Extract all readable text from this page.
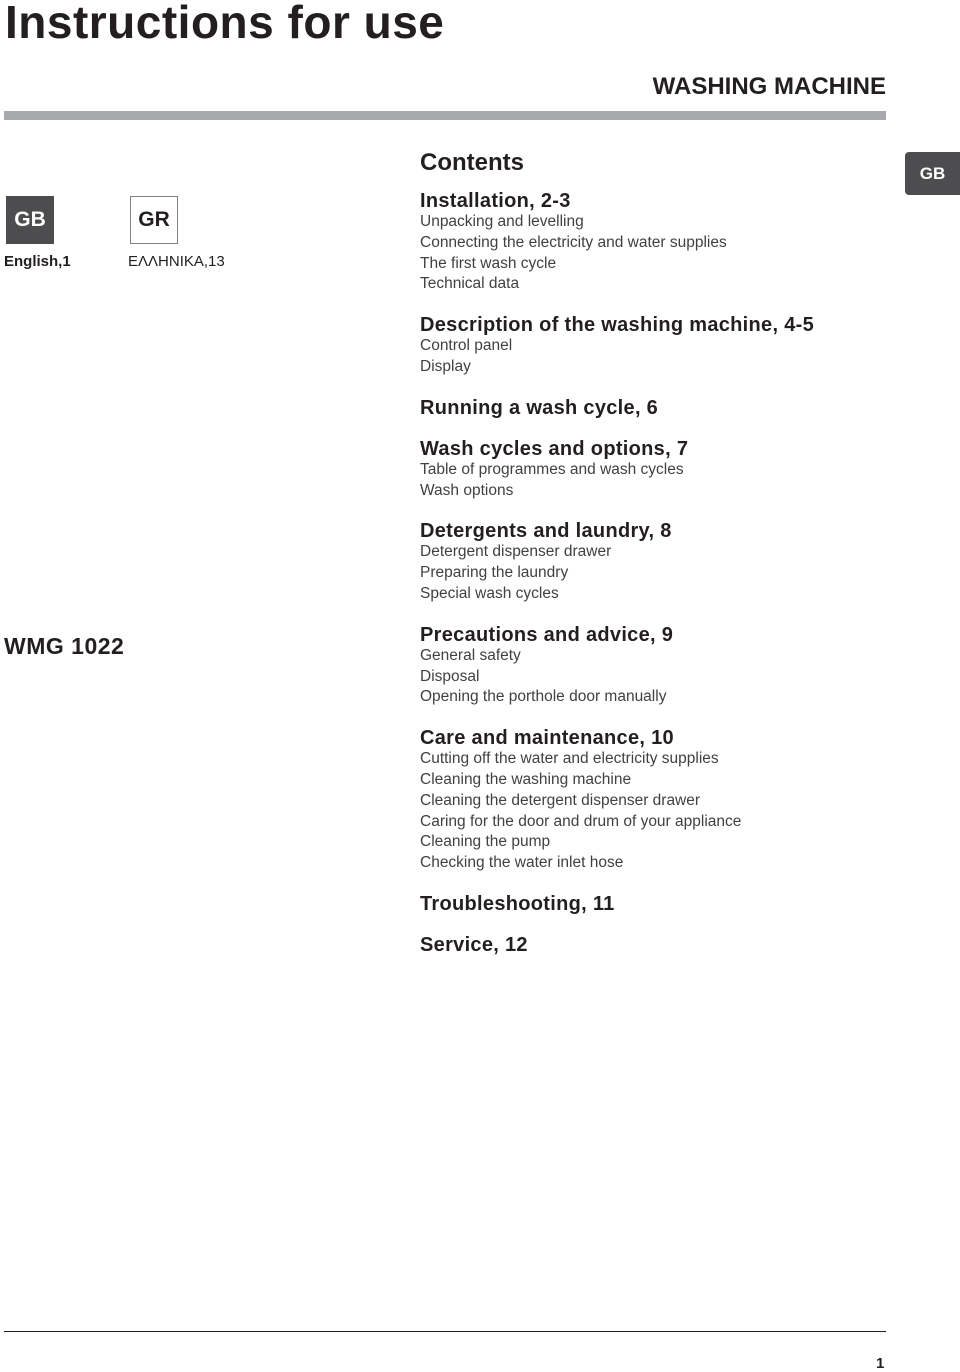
Instructions for use
WASHING MACHINE
GB
GB
English,1
GR
ΕΛΛΗΝΙΚΑ,13
WMG 1022
Contents
Installation, 2-3
Unpacking and levelling
Connecting the electricity and water supplies
The first wash cycle
Technical data
Description of the washing machine, 4-5
Control panel
Display
Running a wash cycle, 6
Wash cycles and options, 7
Table of programmes and wash cycles
Wash options
Detergents and laundry, 8
Detergent dispenser drawer
Preparing the laundry
Special wash cycles
Precautions and advice, 9
General safety
Disposal
Opening the porthole door manually
Care and maintenance, 10
Cutting off the water and electricity supplies
Cleaning the washing machine
Cleaning the detergent dispenser drawer
Caring for the door and drum of your appliance
Cleaning the pump
Checking the water inlet hose
Troubleshooting, 11
Service, 12
1
